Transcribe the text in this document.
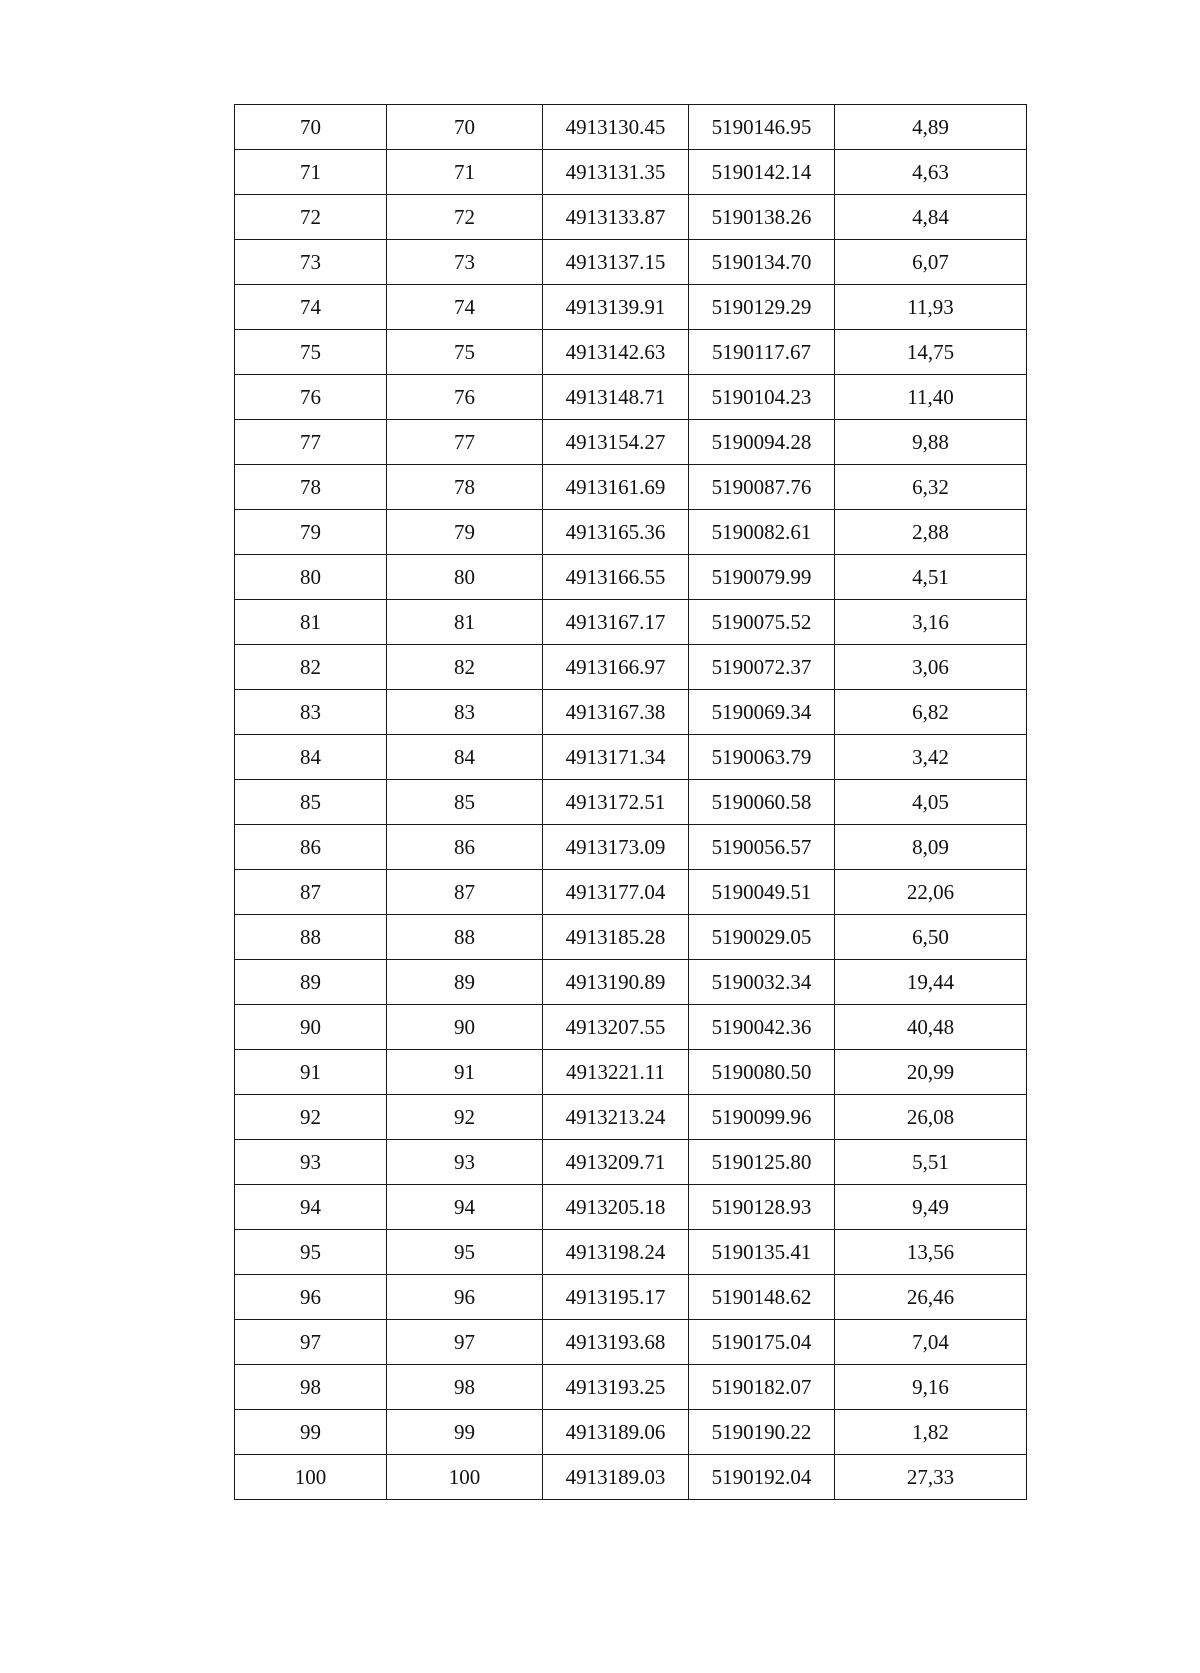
70	70	4913130.45	5190146.95	4,89
71	71	4913131.35	5190142.14	4,63
72	72	4913133.87	5190138.26	4,84
73	73	4913137.15	5190134.70	6,07
74	74	4913139.91	5190129.29	11,93
75	75	4913142.63	5190117.67	14,75
76	76	4913148.71	5190104.23	11,40
77	77	4913154.27	5190094.28	9,88
78	78	4913161.69	5190087.76	6,32
79	79	4913165.36	5190082.61	2,88
80	80	4913166.55	5190079.99	4,51
81	81	4913167.17	5190075.52	3,16
82	82	4913166.97	5190072.37	3,06
83	83	4913167.38	5190069.34	6,82
84	84	4913171.34	5190063.79	3,42
85	85	4913172.51	5190060.58	4,05
86	86	4913173.09	5190056.57	8,09
87	87	4913177.04	5190049.51	22,06
88	88	4913185.28	5190029.05	6,50
89	89	4913190.89	5190032.34	19,44
90	90	4913207.55	5190042.36	40,48
91	91	4913221.11	5190080.50	20,99
92	92	4913213.24	5190099.96	26,08
93	93	4913209.71	5190125.80	5,51
94	94	4913205.18	5190128.93	9,49
95	95	4913198.24	5190135.41	13,56
96	96	4913195.17	5190148.62	26,46
97	97	4913193.68	5190175.04	7,04
98	98	4913193.25	5190182.07	9,16
99	99	4913189.06	5190190.22	1,82
100	100	4913189.03	5190192.04	27,33
